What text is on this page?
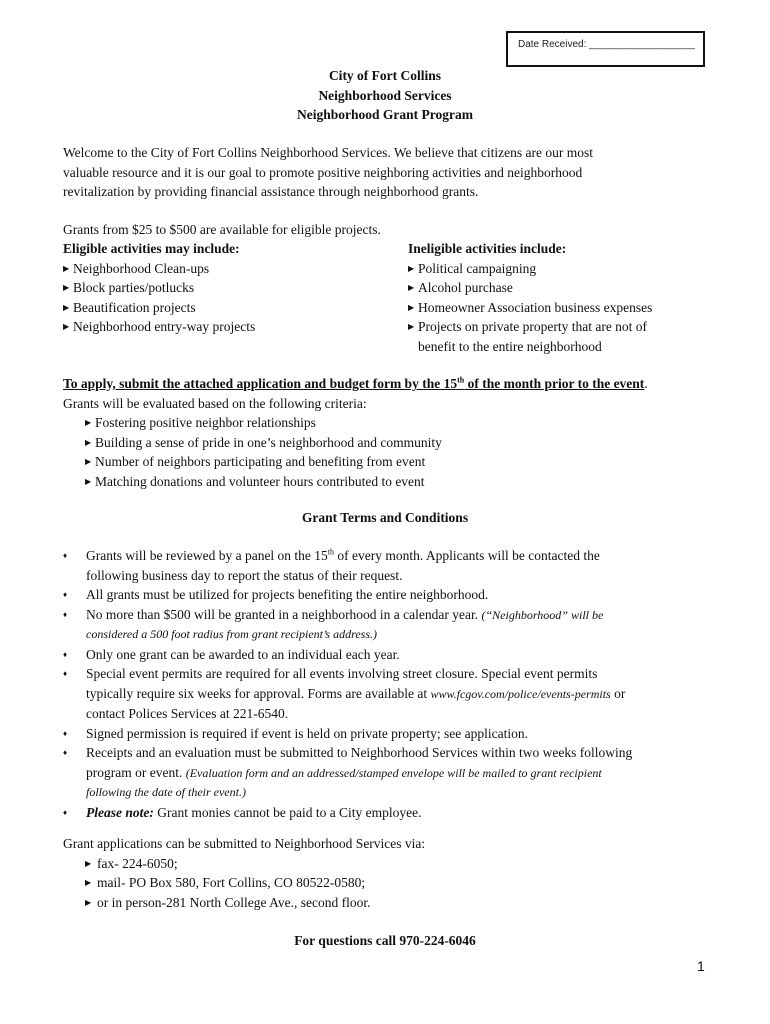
Date Received: ___________________
City of Fort Collins
Neighborhood Services
Neighborhood Grant Program
Welcome to the City of Fort Collins Neighborhood Services. We believe that citizens are our most
valuable resource and it is our goal to promote positive neighboring activities and neighborhood
revitalization by providing financial assistance through neighborhood grants.
Grants from $25 to $500 are available for eligible projects.
Eligible activities may include:
▶ Neighborhood Clean-ups
▶ Block parties/potlucks
▶ Beautification projects
▶ Neighborhood entry-way projects
Ineligible activities include:
▶ Political campaigning
▶ Alcohol purchase
▶ Homeowner Association business expenses
▶ Projects on private property that are not of
benefit to the entire neighborhood
To apply, submit the attached application and budget form by the 15th of the month prior to the event.
Grants will be evaluated based on the following criteria:
▶ Fostering positive neighbor relationships
▶ Building a sense of pride in one’s neighborhood and community
▶ Number of neighbors participating and benefiting from event
▶ Matching donations and volunteer hours contributed to event
Grant Terms and Conditions
♦ Grants will be reviewed by a panel on the 15th of every month. Applicants will be contacted the
following business day to report the status of their request.
♦ All grants must be utilized for projects benefiting the entire neighborhood.
♦ No more than $500 will be granted in a neighborhood in a calendar year. (“Neighborhood” will be
considered a 500 foot radius from grant recipient’s address.)
♦ Only one grant can be awarded to an individual each year.
♦ Special event permits are required for all events involving street closure. Special event permits
typically require six weeks for approval. Forms are available at www.fcgov.com/police/events-permits or
contact Polices Services at 221-6540.
♦ Signed permission is required if event is held on private property; see application.
♦ Receipts and an evaluation must be submitted to Neighborhood Services within two weeks following
program or event. (Evaluation form and an addressed/stamped envelope will be mailed to grant recipient
following the date of their event.)
♦ Please note: Grant monies cannot be paid to a City employee.
Grant applications can be submitted to Neighborhood Services via:
▶ fax- 224-6050;
▶ mail- PO Box 580, Fort Collins, CO 80522-0580;
▶ or in person-281 North College Ave., second floor.
For questions call 970-224-6046
1
